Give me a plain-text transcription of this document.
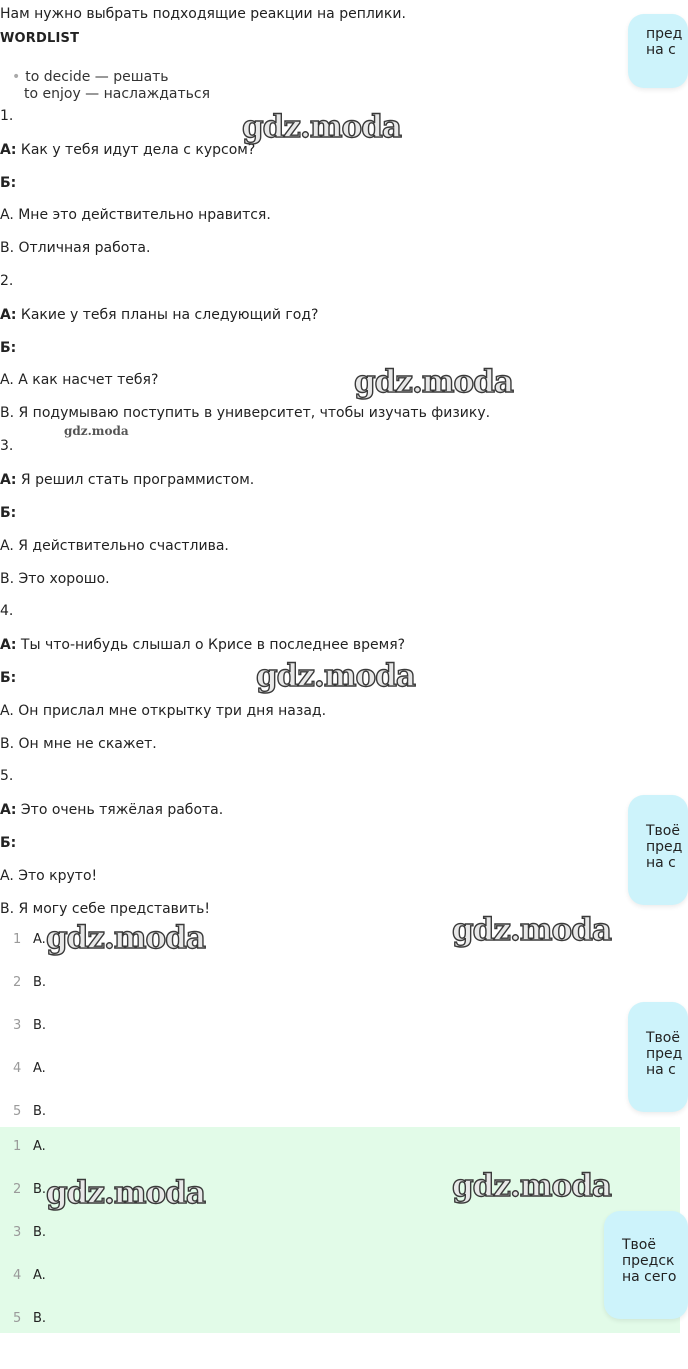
Нам нужно выбрать подходящие реакции на реплики.
WORDLIST
• to decide — решать
to enjoy — наслаждаться
1.
А: Как у тебя идут дела с курсом?
Б:
A. Мне это действительно нравится.
B. Отличная работа.
2.
А: Какие у тебя планы на следующий год?
Б:
A. А как насчет тебя?
B. Я подумываю поступить в университет, чтобы изучать физику.
3.
А: Я решил стать программистом.
Б:
A. Я действительно счастлива.
B. Это хорошо.
4.
А: Ты что-нибудь слышал о Крисе в последнее время?
Б:
A. Он прислал мне открытку три дня назад.
B. Он мне не скажет.
5.
А: Это очень тяжёлая работа.
Б:
A. Это круто!
B. Я могу себе представить!
1 A.
2 B.
3 B.
4 A.
5 B.
1 A.
2 B.
3 B.
4 A.
5 B.
пред
на с
Твоё
пред
на с
Твоё
пред
на с
Твоё
предск
на сего
gdz.moda
gdz.moda
gdz.moda
gdz.moda
gdz.moda	gdz.moda
gdz.moda	gdz.moda
